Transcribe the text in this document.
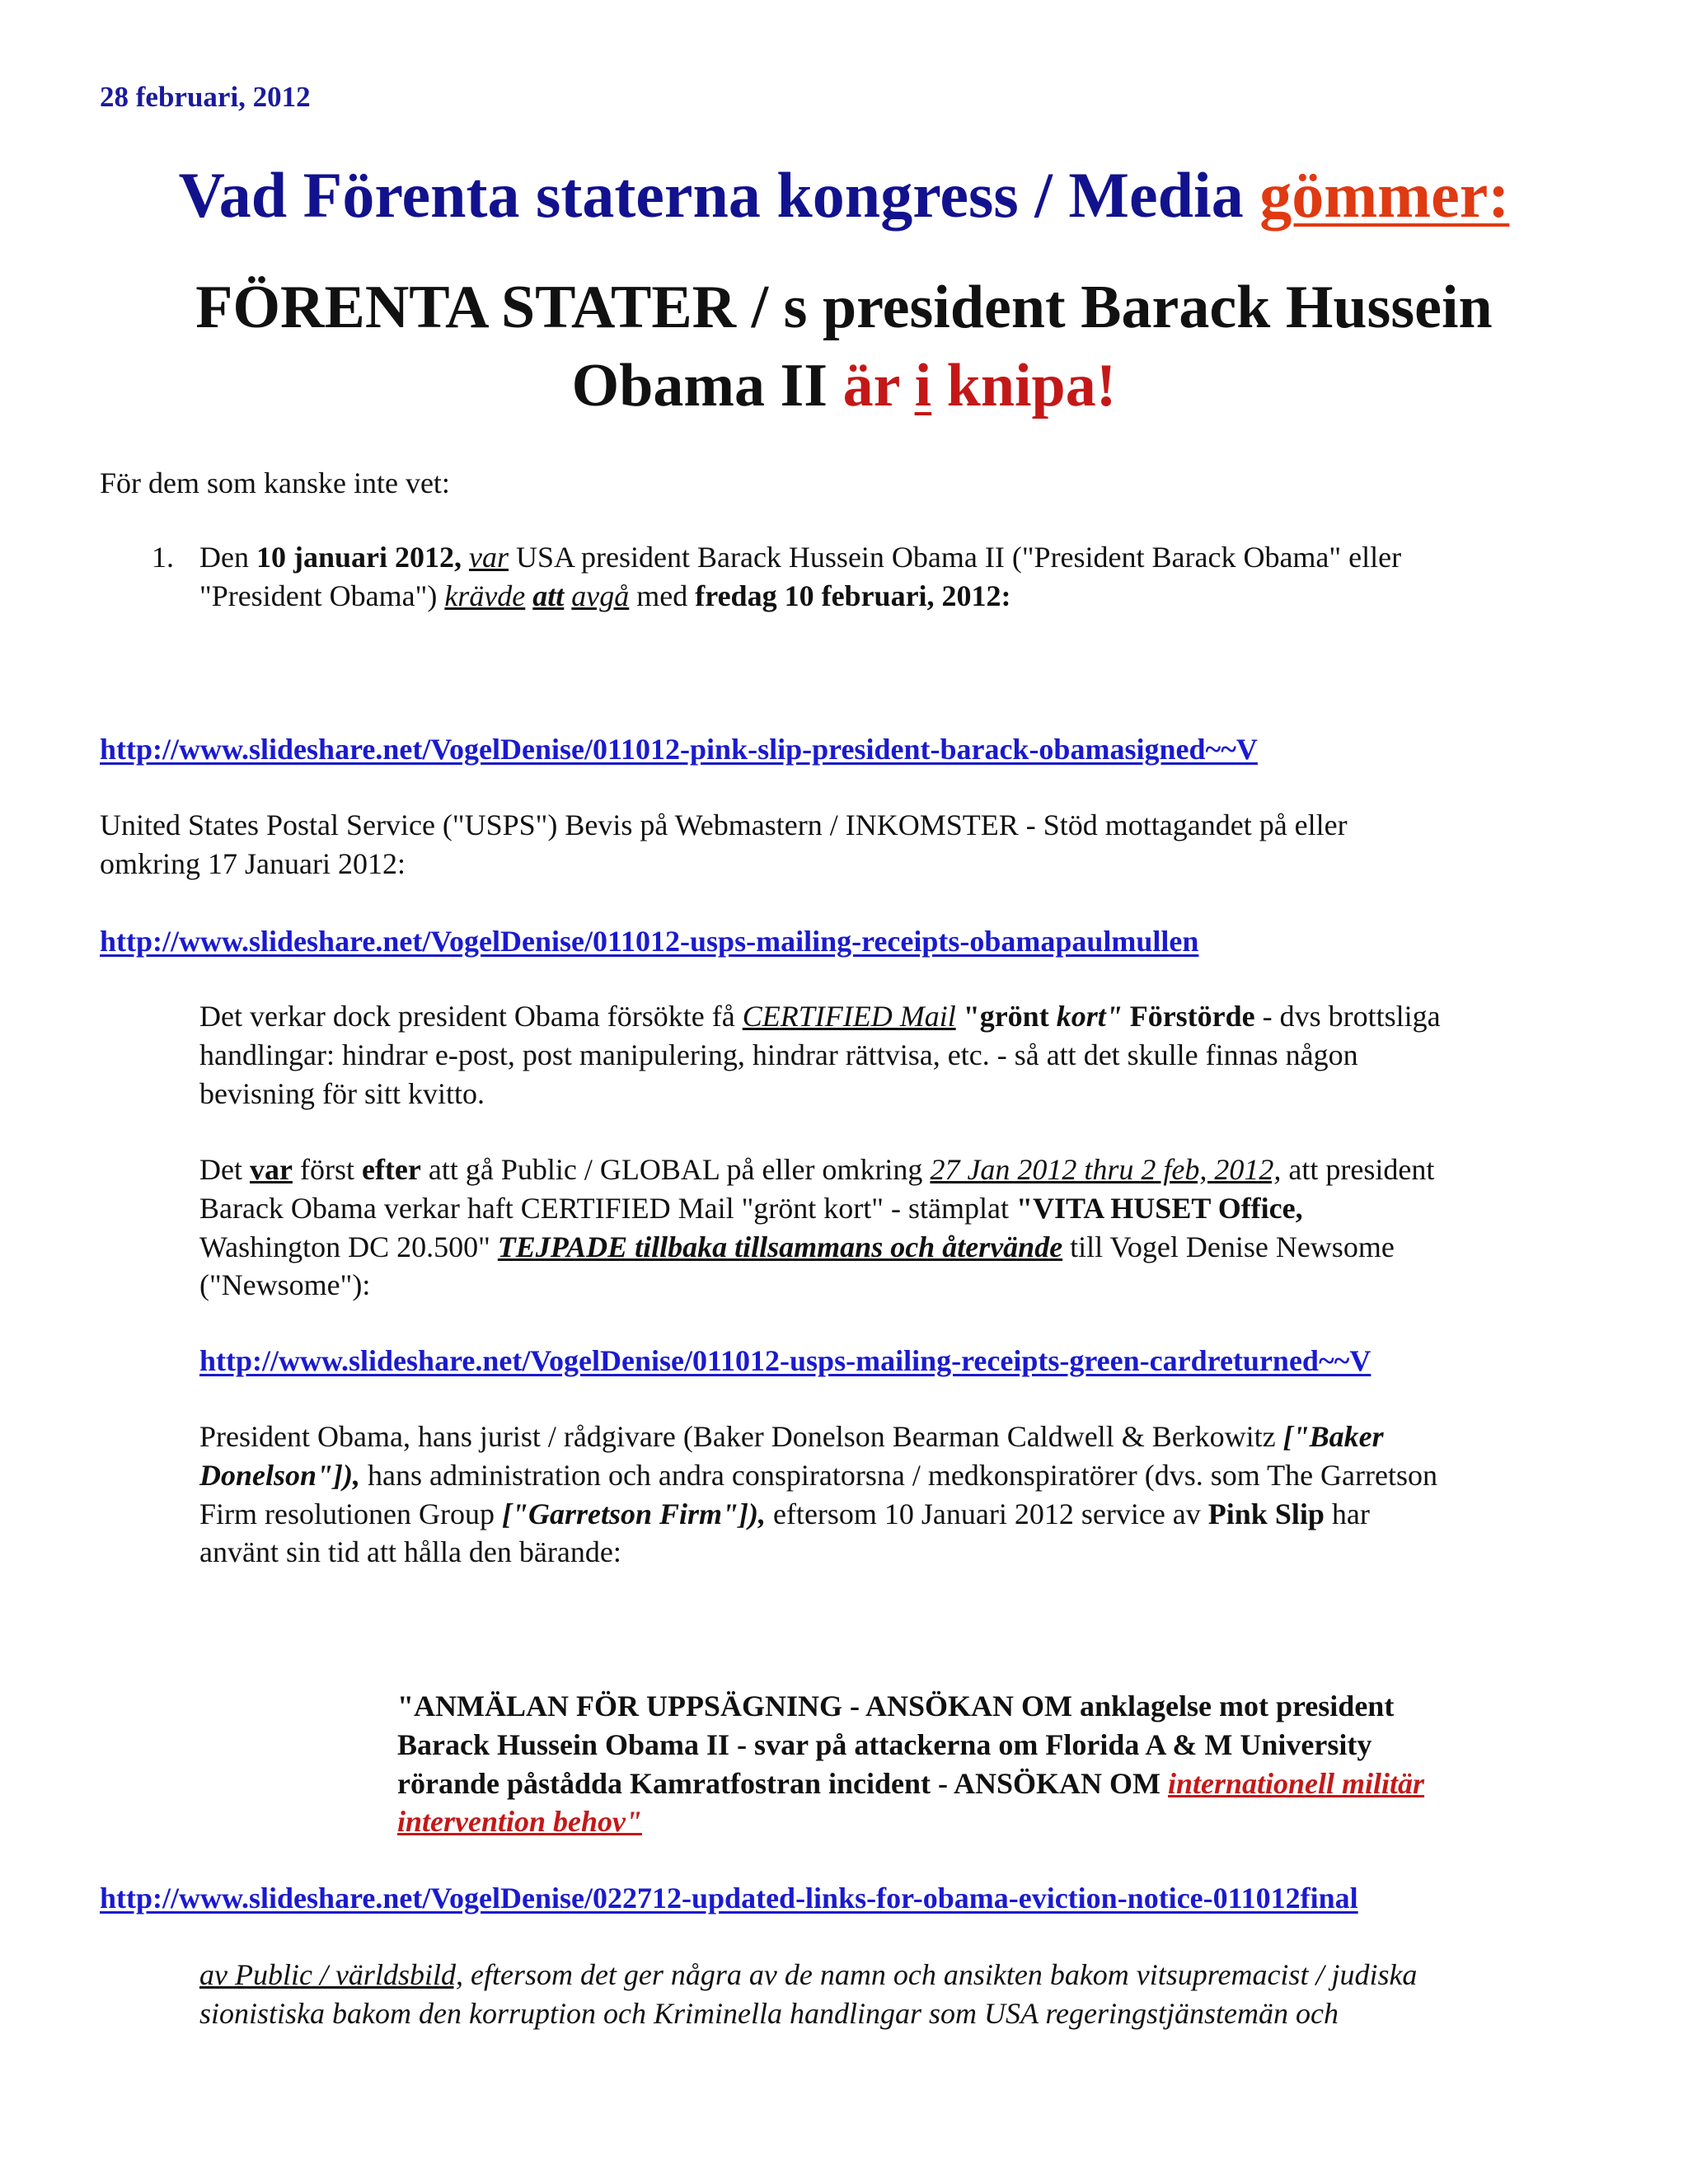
28 februari, 2012
Vad Förenta staterna kongress / Media gömmer:
FÖRENTA STATER / s president Barack Hussein
Obama II är i knipa!
För dem som kanske inte vet:
1. Den 10 januari 2012, var USA president Barack Hussein Obama II ("President Barack Obama" eller
"President Obama") krävde att avgå med fredag 10 februari, 2012:
http://www.slideshare.net/VogelDenise/011012-pink-slip-president-barack-obamasigned~~V
United States Postal Service ("USPS") Bevis på Webmastern / INKOMSTER - Stöd mottagandet på eller
omkring 17 Januari 2012:
http://www.slideshare.net/VogelDenise/011012-usps-mailing-receipts-obamapaulmullen
Det verkar dock president Obama försökte få CERTIFIED Mail "grönt kort" Förstörde - dvs brottsliga
handlingar: hindrar e-post, post manipulering, hindrar rättvisa, etc. - så att det skulle finnas någon
bevisning för sitt kvitto.
Det var först efter att gå Public / GLOBAL på eller omkring 27 Jan 2012 thru 2 feb, 2012, att president
Barack Obama verkar haft CERTIFIED Mail "grönt kort" - stämplat "VITA HUSET Office,
Washington DC 20.500" TEJPADE tillbaka tillsammans och återvände till Vogel Denise Newsome
("Newsome"):
http://www.slideshare.net/VogelDenise/011012-usps-mailing-receipts-green-cardreturned~~V
President Obama, hans jurist / rådgivare (Baker Donelson Bearman Caldwell & Berkowitz ["Baker
Donelson"]), hans administration och andra conspiratorsna / medkonspiratörer (dvs. som The Garretson
Firm resolutionen Group ["Garretson Firm"]), eftersom 10 Januari 2012 service av Pink Slip har
använt sin tid att hålla den bärande:
"ANMÄLAN FÖR UPPSÄGNING - ANSÖKAN OM anklagelse mot president
Barack Hussein Obama II - svar på attackerna om Florida A & M University
rörande påstådda Kamratfostran incident - ANSÖKAN OM internationell militär
intervention behov"
http://www.slideshare.net/VogelDenise/022712-updated-links-for-obama-eviction-notice-011012final
av Public / världsbild, eftersom det ger några av de namn och ansikten bakom vitsupremacist / judiska
sionistiska bakom den korruption och Kriminella handlingar som USA regeringstjänstemän och
